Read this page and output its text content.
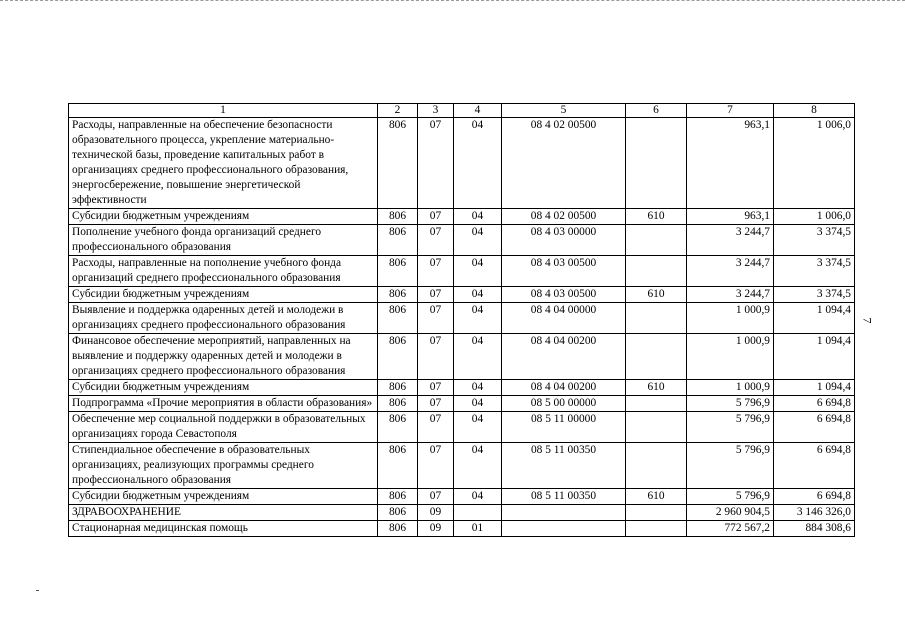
1	2	3	4	5	6	7	8
Расходы, направленные на обеспечение безопасности образовательного процесса, укрепление материально-технической базы, проведение капитальных работ в организациях среднего профессионального образования, энергосбережение, повышение энергетической эффективности	806	07	04	08 4 02 00500		963,1	1 006,0
Субсидии бюджетным учреждениям	806	07	04	08 4 02 00500	610	963,1	1 006,0
Пополнение учебного фонда организаций среднего профессионального образования	806	07	04	08 4 03 00000		3 244,7	3 374,5
Расходы, направленные на пополнение учебного фонда организаций среднего профессионального образования	806	07	04	08 4 03 00500		3 244,7	3 374,5
Субсидии бюджетным учреждениям	806	07	04	08 4 03 00500	610	3 244,7	3 374,5
Выявление и поддержка одаренных детей и молодежи в организациях среднего профессионального образования	806	07	04	08 4 04 00000		1 000,9	1 094,4
Финансовое обеспечение мероприятий, направленных на выявление и поддержку одаренных детей и молодежи в организациях среднего профессионального образования	806	07	04	08 4 04 00200		1 000,9	1 094,4
Субсидии бюджетным учреждениям	806	07	04	08 4 04 00200	610	1 000,9	1 094,4
Подпрограмма «Прочие мероприятия в области образования»	806	07	04	08 5 00 00000		5 796,9	6 694,8
Обеспечение мер социальной поддержки в образовательных организациях города Севастополя	806	07	04	08 5 11 00000		5 796,9	6 694,8
Стипендиальное обеспечение в образовательных организациях, реализующих программы среднего профессионального образования	806	07	04	08 5 11 00350		5 796,9	6 694,8
Субсидии бюджетным учреждениям	806	07	04	08 5 11 00350	610	5 796,9	6 694,8
ЗДРАВООХРАНЕНИЕ	806	09				2 960 904,5	3 146 326,0
Стационарная медицинская помощь	806	09	01			772 567,2	884 308,6
7
